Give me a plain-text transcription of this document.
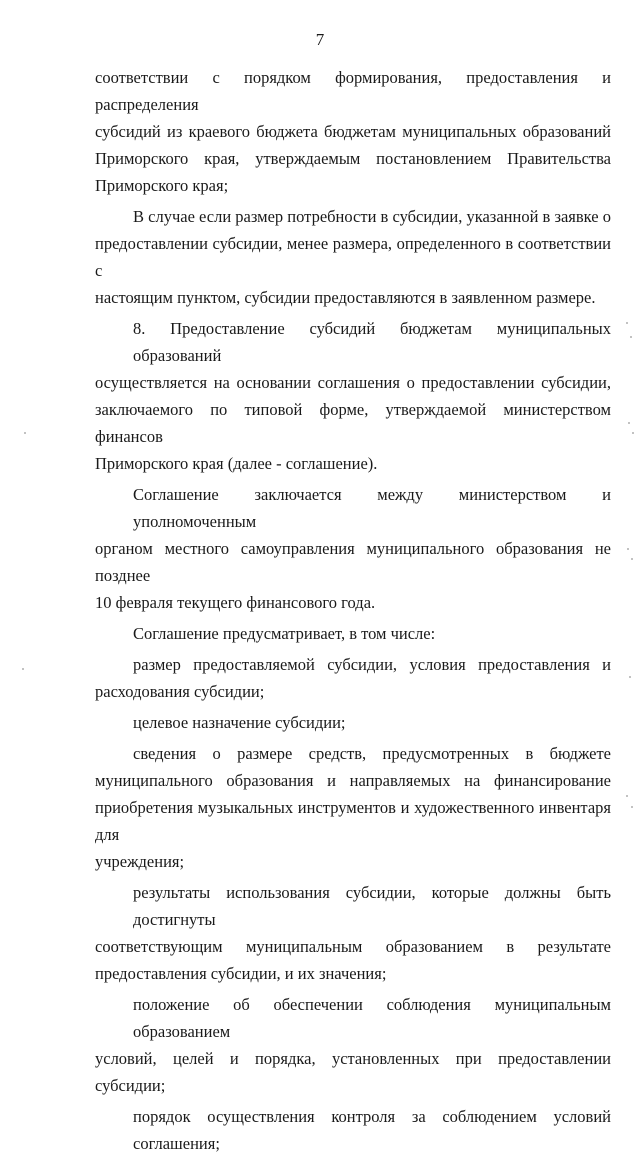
7

соответствии с порядком формирования, предоставления и распределения
субсидий из краевого бюджета бюджетам муниципальных образований
Приморского края, утверждаемым постановлением Правительства
Приморского края;

В случае если размер потребности в субсидии, указанной в заявке о
предоставлении субсидии, менее размера, определенного в соответствии с
настоящим пунктом, субсидии предоставляются в заявленном размере.

8. Предоставление субсидий бюджетам муниципальных образований
осуществляется на основании соглашения о предоставлении субсидии,
заключаемого по типовой форме, утверждаемой министерством финансов
Приморского края (далее - соглашение).

Соглашение заключается между министерством и уполномоченным
органом местного самоуправления муниципального образования не позднее
10 февраля текущего финансового года.

Соглашение предусматривает, в том числе:

размер предоставляемой субсидии, условия предоставления и
расходования субсидии;

целевое назначение субсидии;

сведения о размере средств, предусмотренных в бюджете
муниципального образования и направляемых на финансирование
приобретения музыкальных инструментов и художественного инвентаря для
учреждения;

результаты использования субсидии, которые должны быть достигнуты
соответствующим муниципальным образованием в результате
предоставления субсидии, и их значения;

положение об обеспечении соблюдения муниципальным образованием
условий, целей и порядка, установленных при предоставлении субсидии;

порядок осуществления контроля за соблюдением условий соглашения;
